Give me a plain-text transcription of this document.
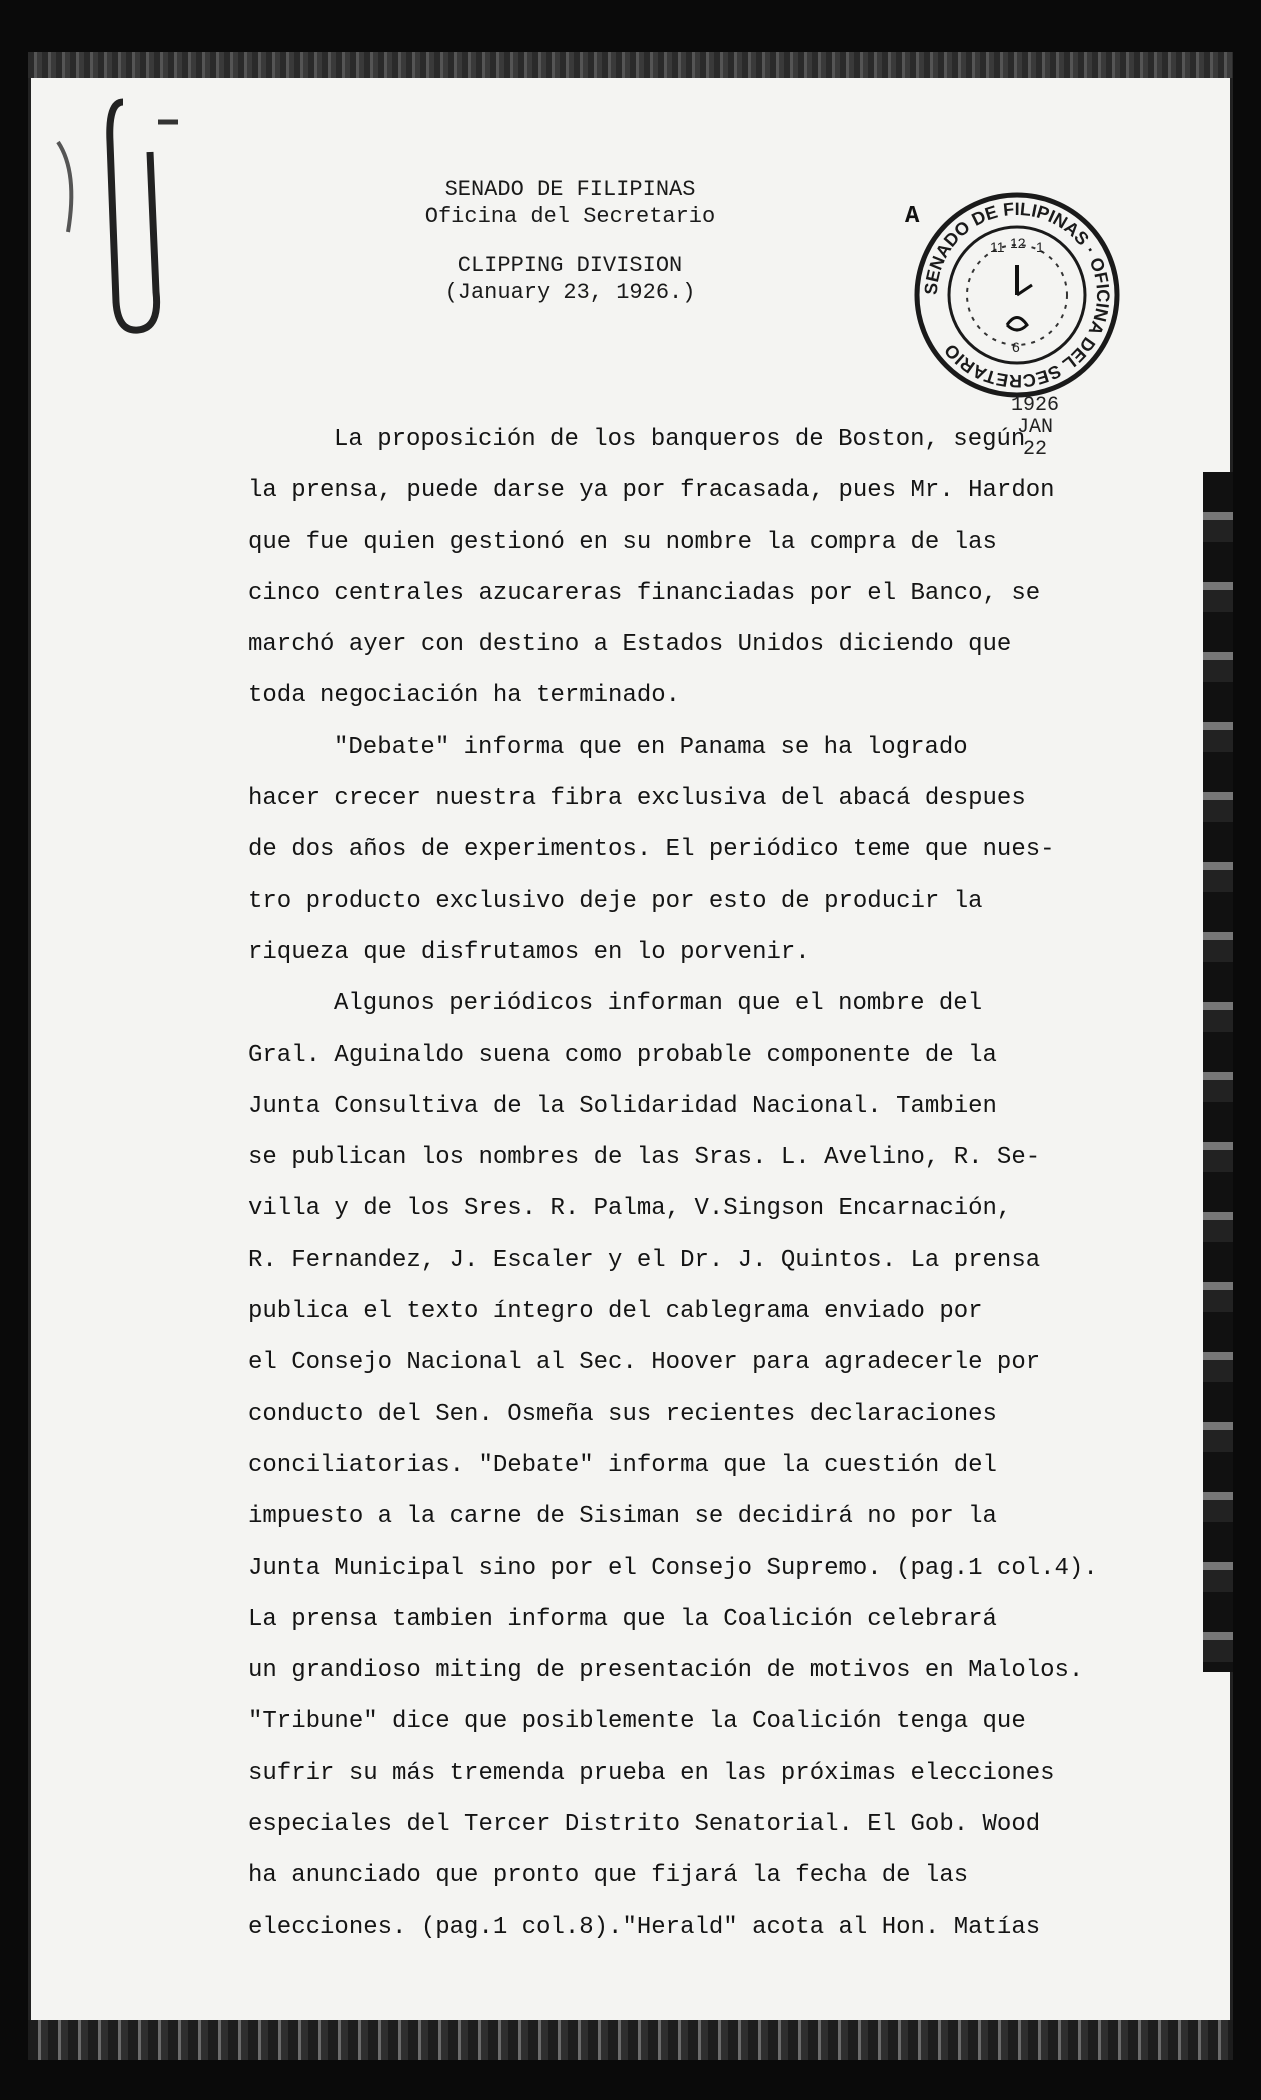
SENADO DE FILIPINAS
Oficina del Secretario
CLIPPING DIVISION
(January 23, 1926.)
A
SENADO DE FILIPINAS · OFICINA DEL SECRETARIO
11 12 1
6
1926
JAN
22
La proposición de los banqueros de Boston, según
la prensa, puede darse ya por fracasada, pues Mr. Hardon
que fue quien gestionó en su nombre la compra de las
cinco centrales azucareras financiadas por el Banco, se
marchó ayer con destino a Estados Unidos diciendo que
toda negociación ha terminado.
"Debate" informa que en Panama se ha logrado
hacer crecer nuestra fibra exclusiva del abacá despues
de dos años de experimentos. El periódico teme que nues-
tro producto exclusivo deje por esto de producir la
riqueza que disfrutamos en lo porvenir.
Algunos periódicos informan que el nombre del
Gral. Aguinaldo suena como probable componente de la
Junta Consultiva de la Solidaridad Nacional. Tambien
se publican los nombres de las Sras. L. Avelino, R. Se-
villa y de los Sres. R. Palma, V.Singson Encarnación,
R. Fernandez, J. Escaler y el Dr. J. Quintos. La prensa
publica el texto íntegro del cablegrama enviado por
el Consejo Nacional al Sec. Hoover para agradecerle por
conducto del Sen. Osmeña sus recientes declaraciones
conciliatorias. "Debate" informa que la cuestión del
impuesto a la carne de Sisiman se decidirá no por la
Junta Municipal sino por el Consejo Supremo. (pag.1 col.4).
La prensa tambien informa que la Coalición celebrará
un grandioso miting de presentación de motivos en Malolos.
"Tribune" dice que posiblemente la Coalición tenga que
sufrir su más tremenda prueba en las próximas elecciones
especiales del Tercer Distrito Senatorial. El Gob. Wood
ha anunciado que pronto que fijará la fecha de las
elecciones. (pag.1 col.8)."Herald" acota al Hon. Matías
